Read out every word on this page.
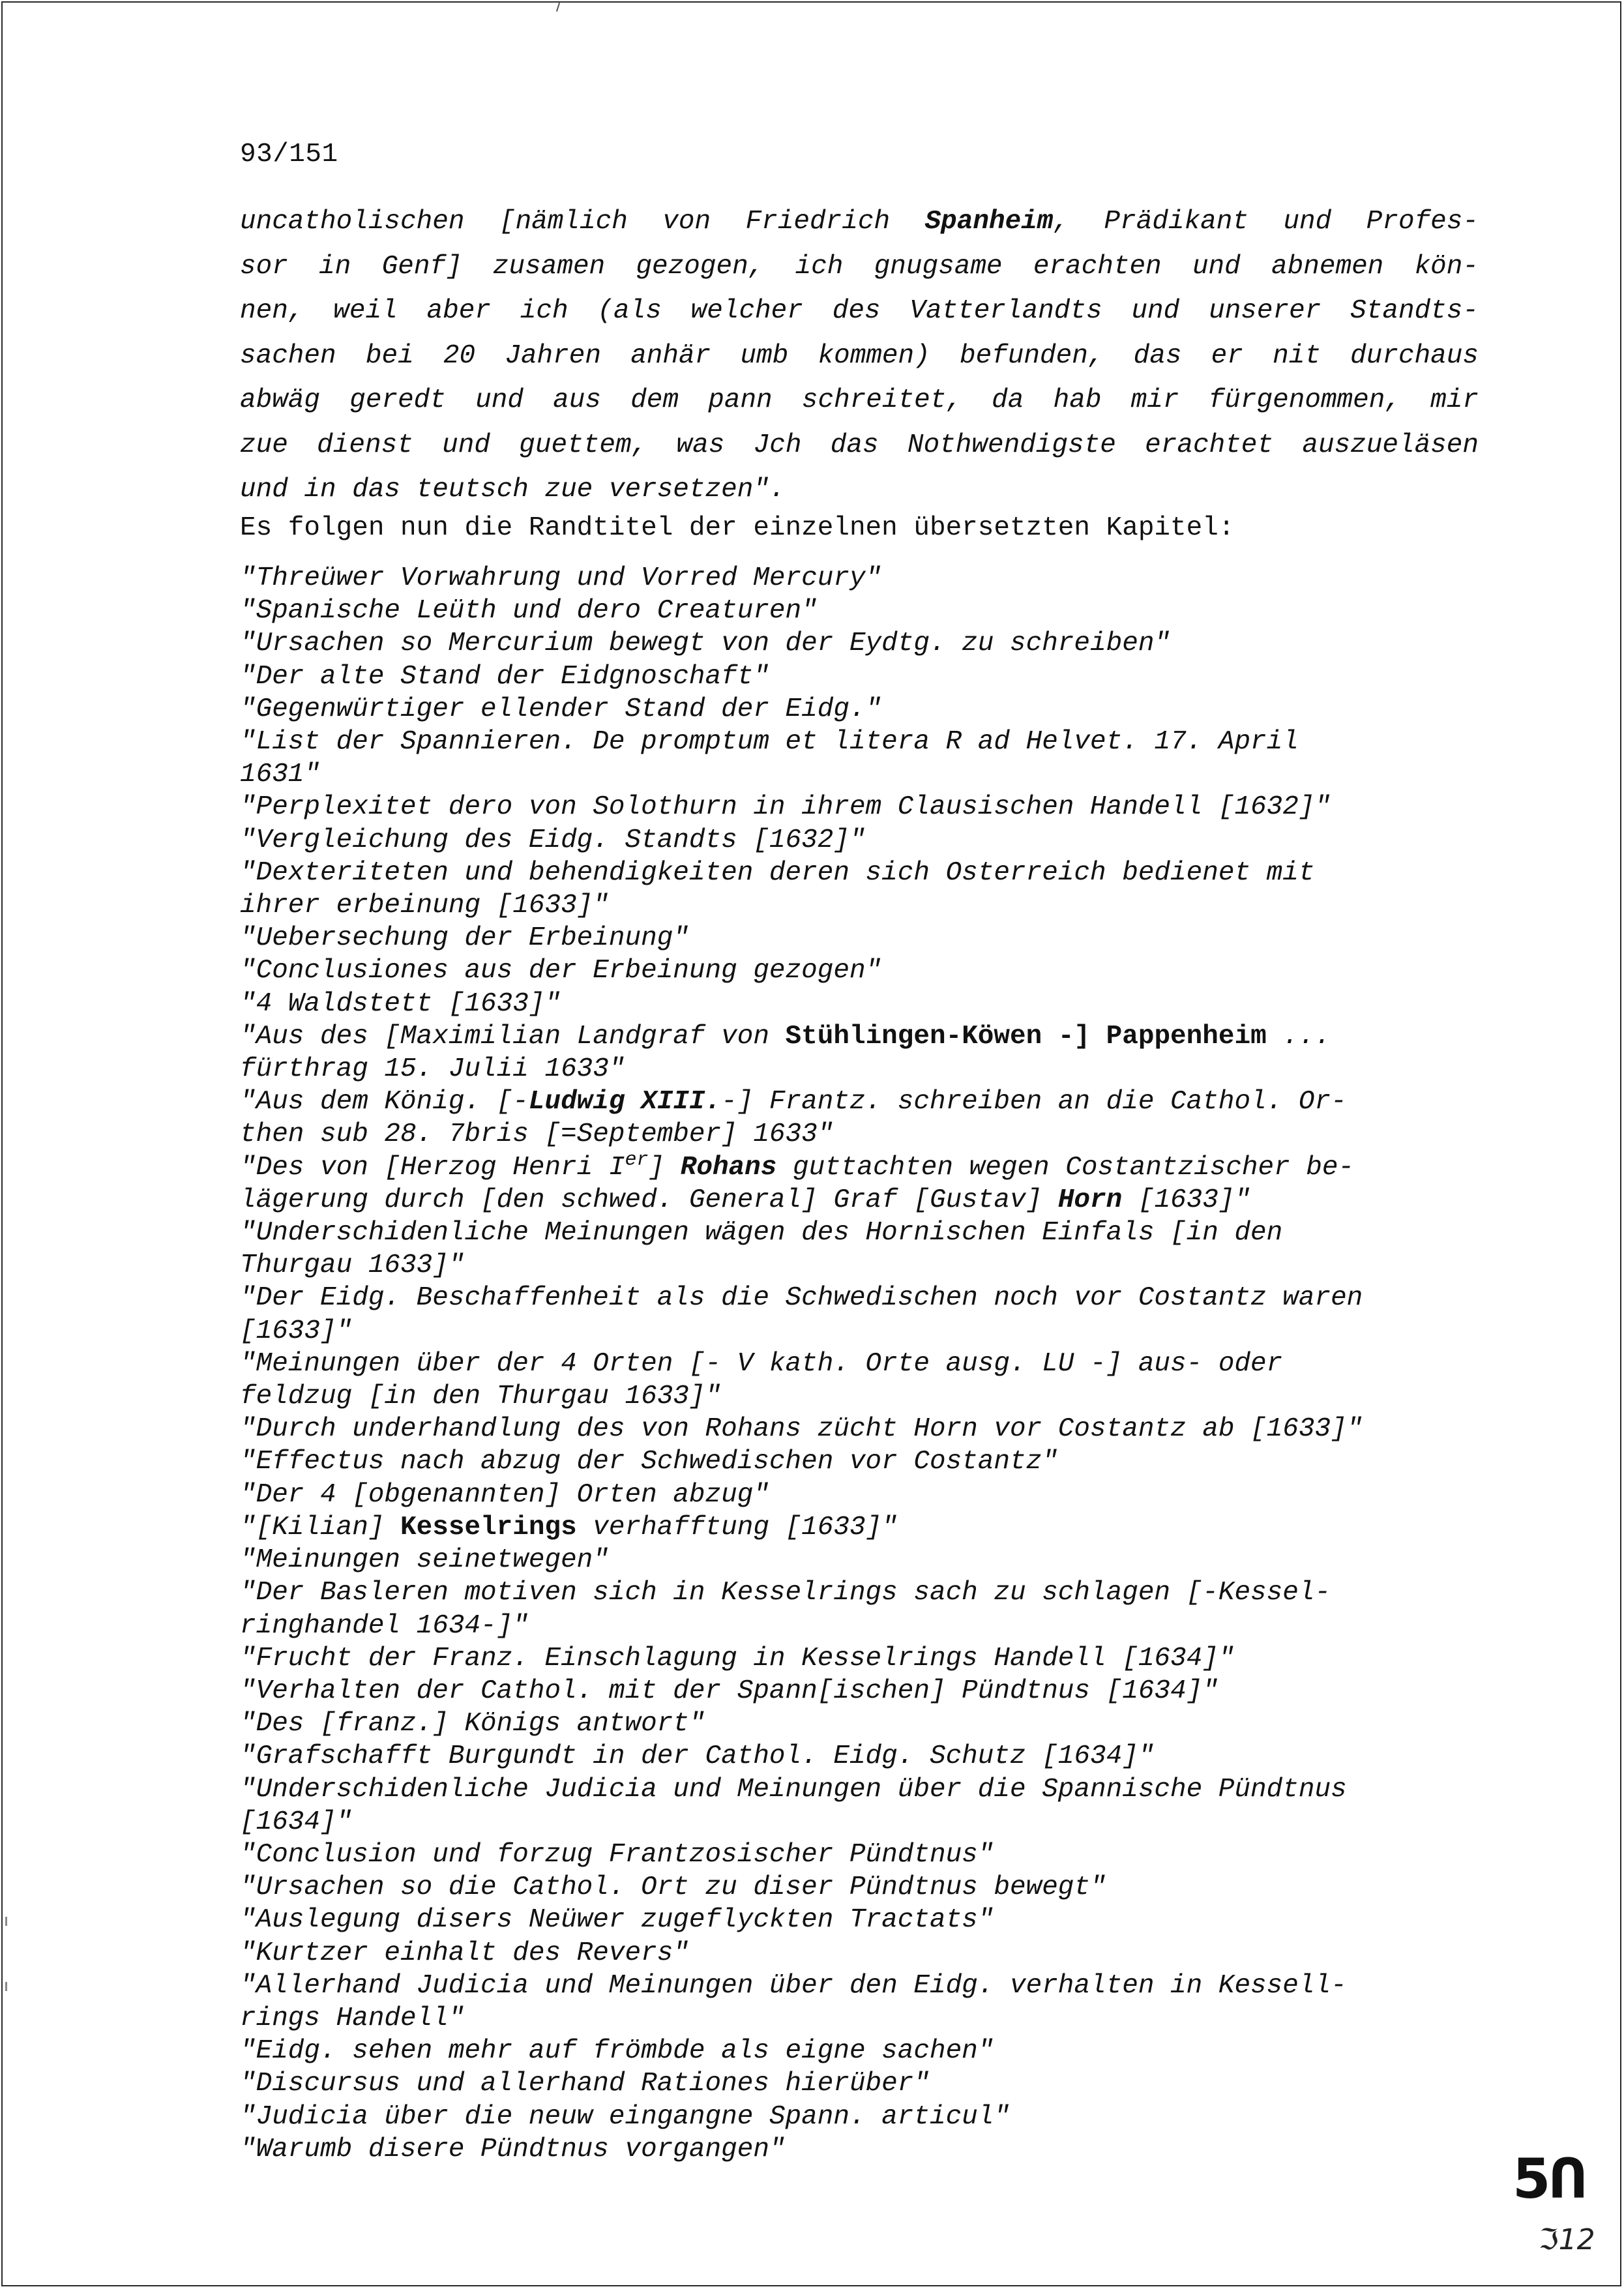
93/151
uncatholischen [nämlich von Friedrich Spanheim, Prädikant und Profes-
sor in Genf] zusamen gezogen, ich gnugsame erachten und abnemen kön-
nen, weil aber ich (als welcher des Vatterlandts und unserer Standts-
sachen bei 20 Jahren anhär umb kommen) befunden, das er nit durchaus
abwäg geredt und aus dem pann schreitet, da hab mir fürgenommen, mir
zue dienst und guettem, was Jch das Nothwendigste erachtet auszueläsen
und in das teutsch zue versetzen".
Es folgen nun die Randtitel der einzelnen übersetzten Kapitel:
"Threüwer Vorwahrung und Vorred Mercury"
"Spanische Leüth und dero Creaturen"
"Ursachen so Mercurium bewegt von der Eydtg. zu schreiben"
"Der alte Stand der Eidgnoschaft"
"Gegenwürtiger ellender Stand der Eidg."
"List der Spannieren. De promptum et litera R ad Helvet. 17. April
1631"
"Perplexitet dero von Solothurn in ihrem Clausischen Handell [1632]"
"Vergleichung des Eidg. Standts [1632]"
"Dexteriteten und behendigkeiten deren sich Osterreich bedienet mit
ihrer erbeinung [1633]"
"Uebersechung der Erbeinung"
"Conclusiones aus der Erbeinung gezogen"
"4 Waldstett [1633]"
"Aus des [Maximilian Landgraf von Stühlingen-Köwen -] Pappenheim ...
fürthrag 15. Julii 1633"
"Aus dem König. [-Ludwig XIII.-] Frantz. schreiben an die Cathol. Or-
then sub 28. 7bris [=September] 1633"
"Des von [Herzog Henri Ier] Rohans guttachten wegen Costantzischer be-
lägerung durch [den schwed. General] Graf [Gustav] Horn [1633]"
"Underschidenliche Meinungen wägen des Hornischen Einfals [in den
Thurgau 1633]"
"Der Eidg. Beschaffenheit als die Schwedischen noch vor Costantz waren
[1633]"
"Meinungen über der 4 Orten [- V kath. Orte ausg. LU -] aus- oder
feldzug [in den Thurgau 1633]"
"Durch underhandlung des von Rohans zücht Horn vor Costantz ab [1633]"
"Effectus nach abzug der Schwedischen vor Costantz"
"Der 4 [obgenannten] Orten abzug"
"[Kilian] Kesselrings verhafftung [1633]"
"Meinungen seinetwegen"
"Der Basleren motiven sich in Kesselrings sach zu schlagen [-Kessel-
ringhandel 1634-]"
"Frucht der Franz. Einschlagung in Kesselrings Handell [1634]"
"Verhalten der Cathol. mit der Spann[ischen] Pündtnus [1634]"
"Des [franz.] Königs antwort"
"Grafschafft Burgundt in der Cathol. Eidg. Schutz [1634]"
"Underschidenliche Judicia und Meinungen über die Spannische Pündtnus
[1634]"
"Conclusion und forzug Frantzosischer Pündtnus"
"Ursachen so die Cathol. Ort zu diser Pündtnus bewegt"
"Auslegung disers Neüwer zugeflyckten Tractats"
"Kurtzer einhalt des Revers"
"Allerhand Judicia und Meinungen über den Eidg. verhalten in Kessell-
rings Handell"
"Eidg. sehen mehr auf frömbde als eigne sachen"
"Discursus und allerhand Rationes hierüber"
"Judicia über die neuw eingangne Spann. articul"
"Warumb disere Pündtnus vorgangen"	5Ո
ℑ12
